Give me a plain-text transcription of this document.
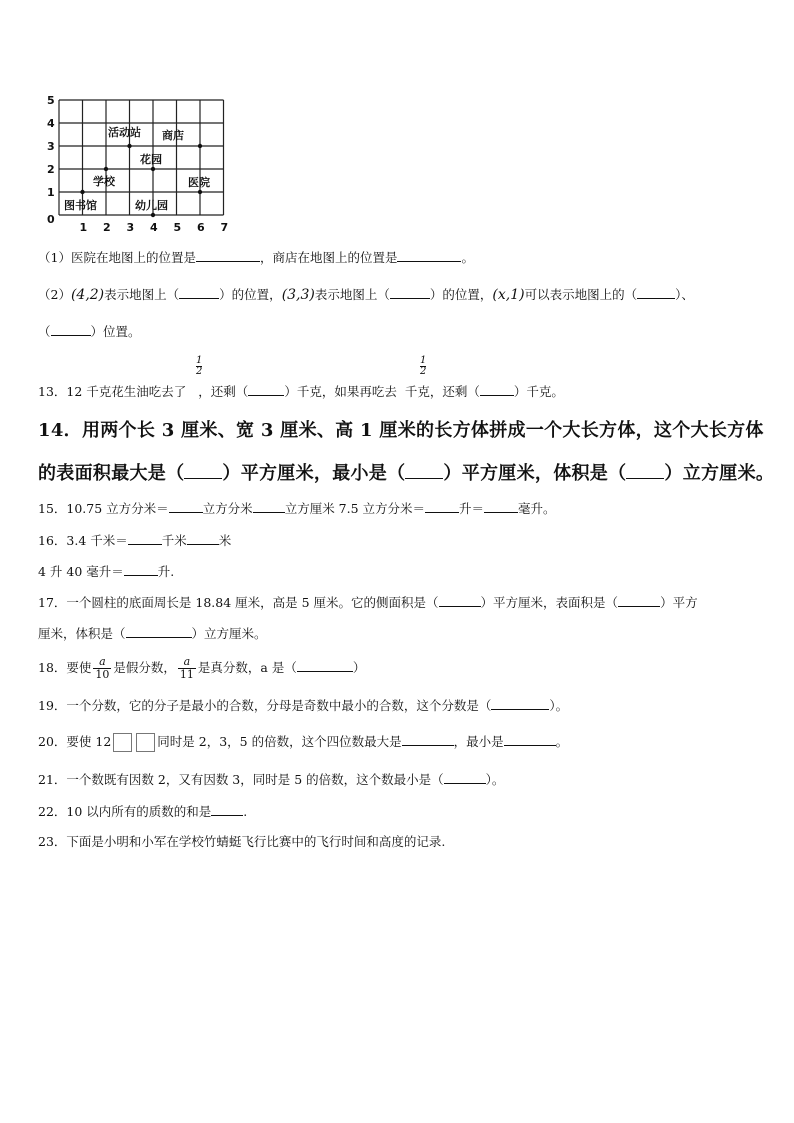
0
1
2
3
4
5
1 2 3 4 5 6 7
活动站 商店
花园
学校	医院
图书馆	幼儿园
（1）医院在地图上的位置是	，商店在地图上的位置是	。
（2）(4,2)表示地图上（	）的位置，(3,3)表示地图上（	）的位置，(x,1)可以表示地图上的（	）、
（	）位置。
1
2
1
2
13．12 千克花生油吃去了 ，还剩（	）千克，如果再吃去 千克，还剩（	）千克。
14．用两个长 3 厘米、宽 3 厘米、高 1 厘米的长方体拼成一个大长方体，这个大长方体
的表面积最大是（ ）平方厘米，最小是（ ）平方厘米，体积是（ ）立方厘米。
15．10.75 立方分米＝	立方分米	立方厘米 7.5 立方分米＝	升＝	毫升。
16．3.4 千米＝	千米	米
4 升 40 毫升＝	升.
17．一个圆柱的底面周长是 18.84 厘米，高是 5 厘米。它的侧面积是（	）平方厘米，表面积是（	）平方
厘米，体积是（	）立方厘米。
18．要使 $\frac{a}{10}$ 是假分数， $\frac{a}{11}$ 是真分数，a 是（	）
19．一个分数，它的分子是最小的合数，分母是奇数中最小的合数，这个分数是（	）。
20．要使 12	同时是 2，3，5 的倍数，这个四位数最大是	，最小是	。
21．一个数既有因数 2，又有因数 3，同时是 5 的倍数，这个数最小是（	）。
22．10 以内所有的质数的和是	.
23．下面是小明和小军在学校竹蜻蜓飞行比赛中的飞行时间和高度的记录.
